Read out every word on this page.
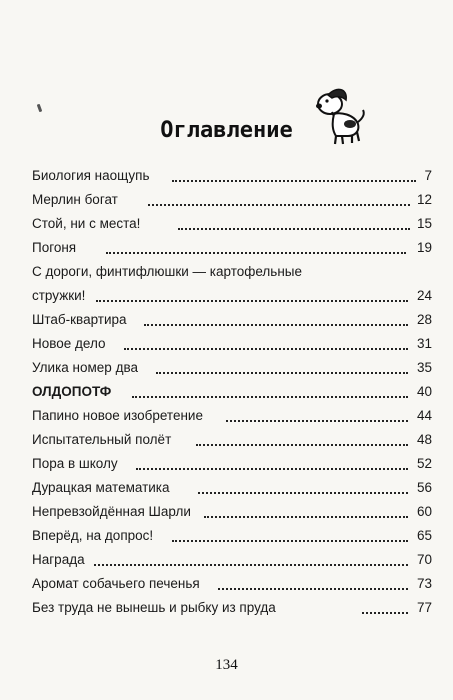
Оглавление
Биология наощупь	7
Мерлин богат	12
Стой, ни с места!	15
Погоня	19
С дороги, финтифлюшки — картофельные
стружки!	24
Штаб-квартира	28
Новое дело	31
Улика номер два	35
ОЛДОПОТФ	40
Папино новое изобретение	44
Испытательный полёт	48
Пора в школу	52
Дурацкая математика	56
Непревзойдённая Шарли	60
Вперёд, на допрос!	65
Награда	70
Аромат собачьего печенья	73
Без труда не вынешь и рыбку из пруда	77
134
